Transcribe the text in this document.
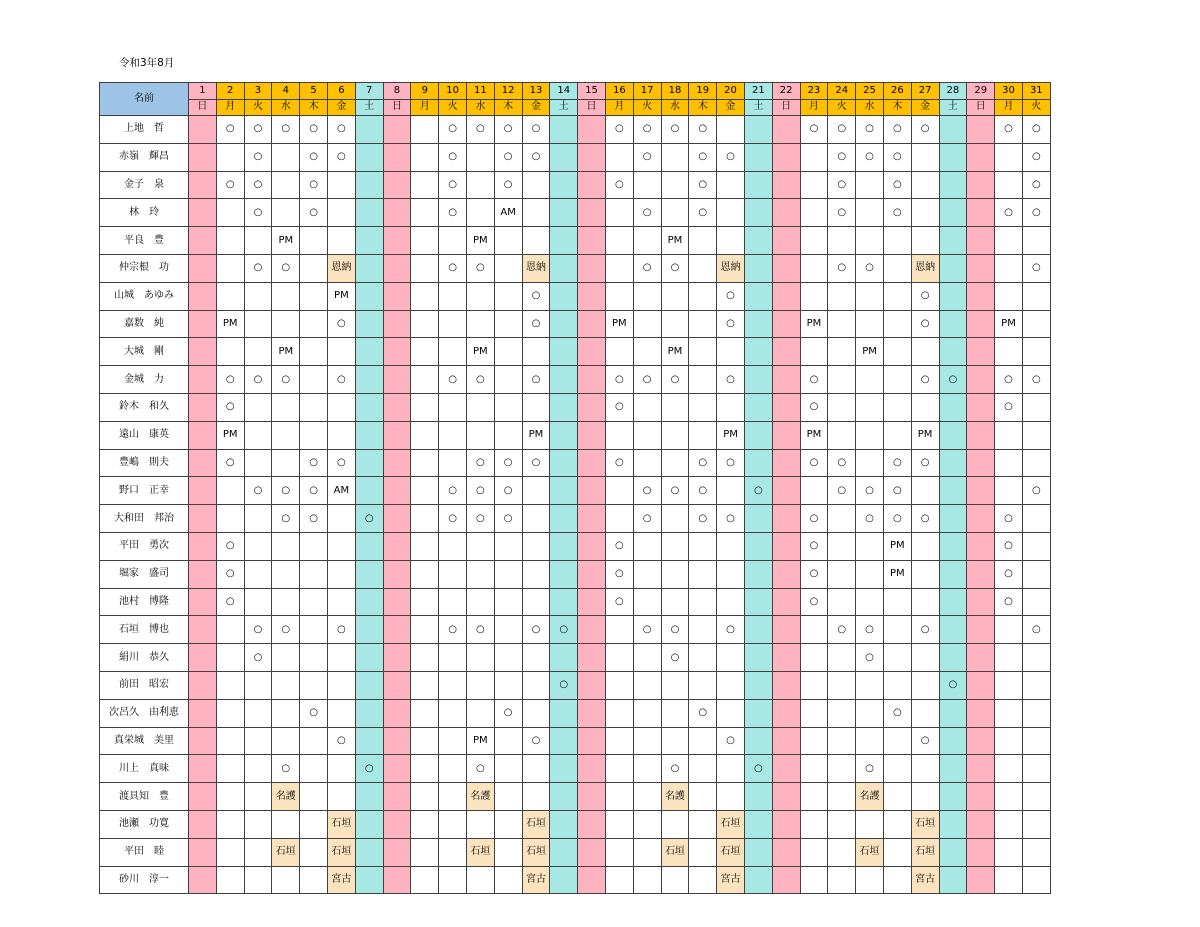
令和3年8月
名前	1	2	3	4	5	6	7	8	9	10	11	12	13	14	15	16	17	18	19	20	21	22	23	24	25	26	27	28	29	30	31
	日	月	火	水	木	金	土	日	月	火	水	木	金	土	日	月	火	水	木	金	土	日	月	火	水	木	金	土	日	月	火
上地　哲		○	○	○	○	○				○	○	○	○			○	○	○	○				○	○	○	○	○			○	○
赤嶺　輝昌			○		○	○				○		○	○				○		○	○				○	○	○					○
金子　泉		○	○		○					○		○				○			○					○		○					○
林　玲			○		○					○		AM					○		○					○		○				○	○
平良　豊				PM							PM							PM													
仲宗根　功			○	○		恩納				○	○		恩納				○	○		恩納				○	○		恩納				○
山城　あゆみ						PM							○							○							○				
嘉数　純		PM				○							○			PM				○			PM				○			PM	
大城　剛				PM							PM							PM							PM						
金城　力		○	○	○		○				○	○		○			○	○	○		○			○				○	○		○	○
鈴木　和久		○														○							○							○	
遠山　康英		PM											PM							PM			PM				PM				
豊嶋　則夫		○			○	○					○	○	○			○			○	○			○	○		○	○				
野口　正幸			○	○	○	AM				○	○	○					○	○	○		○			○	○	○					○
大和田　邦治				○	○		○			○	○	○					○		○	○			○		○	○	○			○	
平田　勇次		○														○							○			PM				○	
堀家　盛司		○														○							○			PM				○	
池村　博隆		○														○							○							○	
石垣　博也			○	○		○				○	○		○	○			○	○		○				○	○		○				○
絹川　恭久			○															○							○						
前田　昭宏														○														○			
次呂久　由利恵					○							○							○							○					
真栄城　美里						○					PM		○							○							○				
川上　真味				○			○				○							○			○				○						
渡具知　豊				名護							名護							名護							名護						
池瀬　功寛						石垣							石垣							石垣							石垣				
平田　睦				石垣		石垣					石垣		石垣					石垣		石垣					石垣		石垣				
砂川　淳一						宮古							宮古							宮古							宮古				
